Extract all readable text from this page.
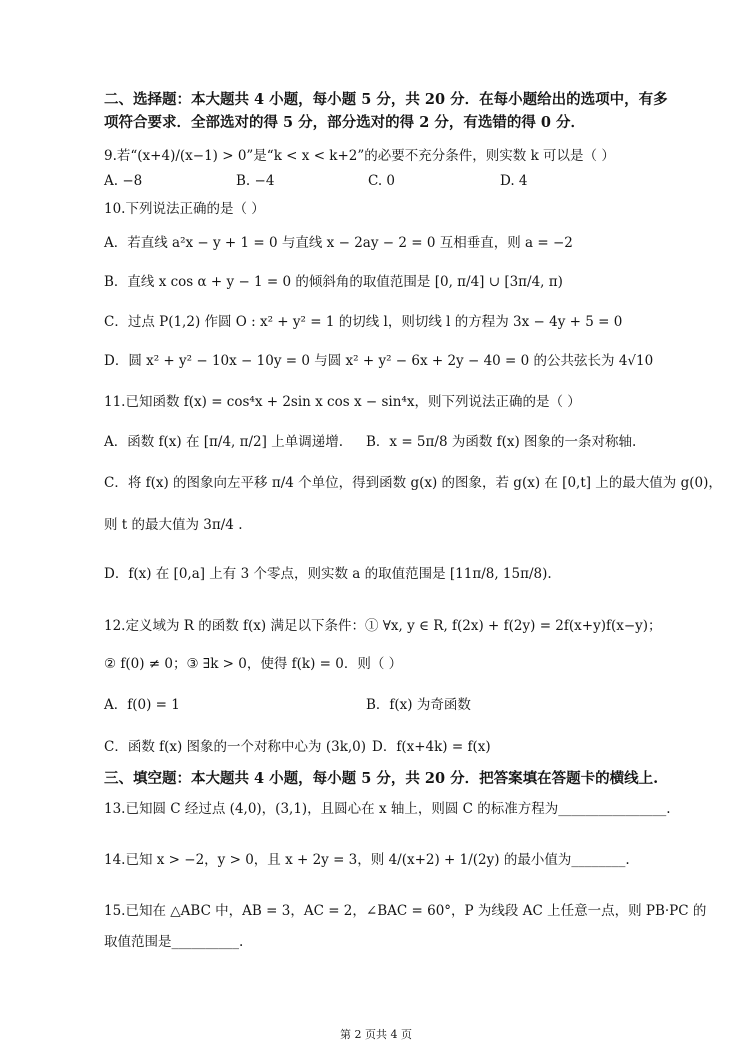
二、选择题：本大题共 4 小题，每小题 5 分，共 20 分．在每小题给出的选项中，有多
项符合要求．全部选对的得 5 分，部分选对的得 2 分，有选错的得 0 分．
9.若“(x+4)/(x−1) > 0”是“k < x < k+2”的必要不充分条件，则实数 k 可以是（ ）
A. −8	B. −4	C. 0	D. 4
10.下列说法正确的是（ ）
A．若直线 a²x − y + 1 = 0 与直线 x − 2ay − 2 = 0 互相垂直，则 a = −2
B．直线 x cos α + y − 1 = 0 的倾斜角的取值范围是 [0, π/4] ∪ [3π/4, π)
C．过点 P(1,2) 作圆 O : x² + y² = 1 的切线 l，则切线 l 的方程为 3x − 4y + 5 = 0
D．圆 x² + y² − 10x − 10y = 0 与圆 x² + y² − 6x + 2y − 40 = 0 的公共弦长为 4√10
11.已知函数 f(x) = cos⁴x + 2sin x cos x − sin⁴x，则下列说法正确的是（ ）
A．函数 f(x) 在 [π/4, π/2] 上单调递增.	B．x = 5π/8 为函数 f(x) 图象的一条对称轴.
C．将 f(x) 的图象向左平移 π/4 个单位，得到函数 g(x) 的图象，若 g(x) 在 [0,t] 上的最大值为 g(0)，
则 t 的最大值为 3π/4 .
D．f(x) 在 [0,a] 上有 3 个零点，则实数 a 的取值范围是 [11π/8, 15π/8).
12.定义域为 R 的函数 f(x) 满足以下条件：① ∀x, y ∈ R, f(2x) + f(2y) = 2f(x+y)f(x−y)；
② f(0) ≠ 0；③ ∃k > 0，使得 f(k) = 0．则（ ）
A．f(0) = 1	B．f(x) 为奇函数
C．函数 f(x) 图象的一个对称中心为 (3k,0) D．f(x+4k) = f(x)
三、填空题：本大题共 4 小题，每小题 5 分，共 20 分．把答案填在答题卡的横线上.
13.已知圆 C 经过点 (4,0)，(3,1)，且圆心在 x 轴上，则圆 C 的标准方程为________________.
14.已知 x > −2，y > 0，且 x + 2y = 3，则 4/(x+2) + 1/(2y) 的最小值为________.
15.已知在 △ABC 中，AB = 3，AC = 2，∠BAC = 60°，P 为线段 AC 上任意一点，则 PB·PC 的
取值范围是__________.
第 2 页共 4 页
